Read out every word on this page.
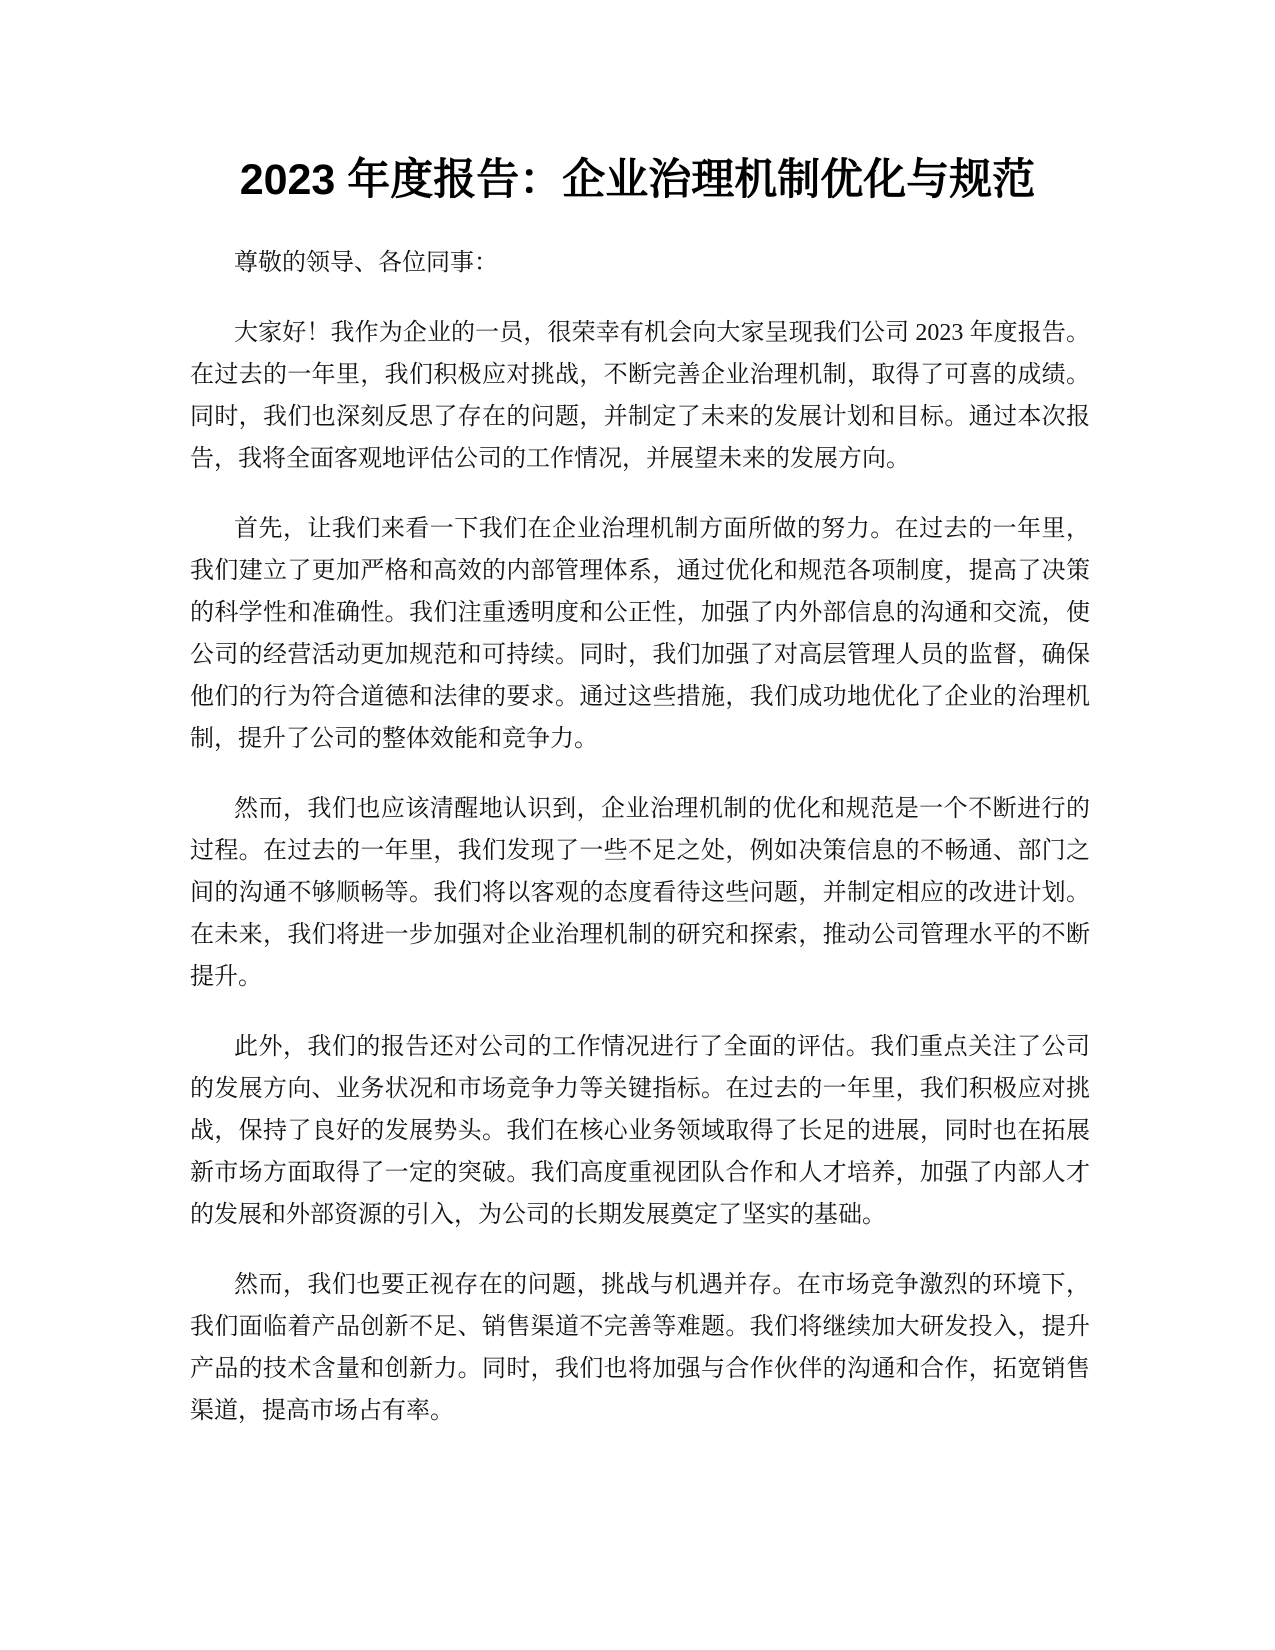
2023 年度报告：企业治理机制优化与规范

尊敬的领导、各位同事：

大家好！我作为企业的一员，很荣幸有机会向大家呈现我们公司 2023 年度报告。在过去的一年里，我们积极应对挑战，不断完善企业治理机制，取得了可喜的成绩。同时，我们也深刻反思了存在的问题，并制定了未来的发展计划和目标。通过本次报告，我将全面客观地评估公司的工作情况，并展望未来的发展方向。

首先，让我们来看一下我们在企业治理机制方面所做的努力。在过去的一年里，我们建立了更加严格和高效的内部管理体系，通过优化和规范各项制度，提高了决策的科学性和准确性。我们注重透明度和公正性，加强了内外部信息的沟通和交流，使公司的经营活动更加规范和可持续。同时，我们加强了对高层管理人员的监督，确保他们的行为符合道德和法律的要求。通过这些措施，我们成功地优化了企业的治理机制，提升了公司的整体效能和竞争力。

然而，我们也应该清醒地认识到，企业治理机制的优化和规范是一个不断进行的过程。在过去的一年里，我们发现了一些不足之处，例如决策信息的不畅通、部门之间的沟通不够顺畅等。我们将以客观的态度看待这些问题，并制定相应的改进计划。在未来，我们将进一步加强对企业治理机制的研究和探索，推动公司管理水平的不断提升。

此外，我们的报告还对公司的工作情况进行了全面的评估。我们重点关注了公司的发展方向、业务状况和市场竞争力等关键指标。在过去的一年里，我们积极应对挑战，保持了良好的发展势头。我们在核心业务领域取得了长足的进展，同时也在拓展新市场方面取得了一定的突破。我们高度重视团队合作和人才培养，加强了内部人才的发展和外部资源的引入，为公司的长期发展奠定了坚实的基础。

然而，我们也要正视存在的问题，挑战与机遇并存。在市场竞争激烈的环境下，我们面临着产品创新不足、销售渠道不完善等难题。我们将继续加大研发投入，提升产品的技术含量和创新力。同时，我们也将加强与合作伙伴的沟通和合作，拓宽销售渠道，提高市场占有率。
